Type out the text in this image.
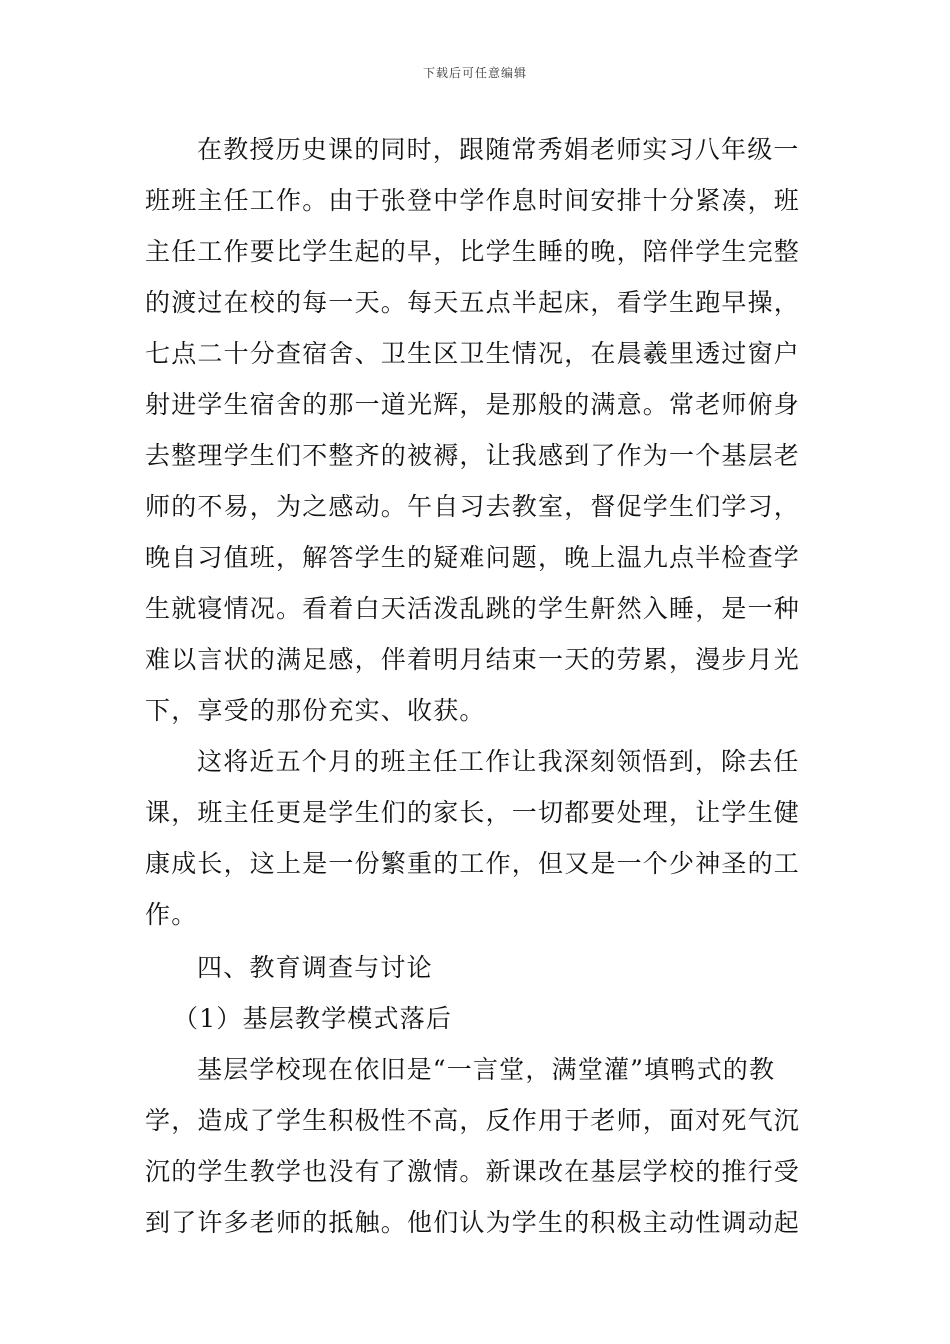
下载后可任意编辑
在教授历史课的同时，跟随常秀娟老师实习八年级一
班班主任工作。由于张登中学作息时间安排十分紧凑，班
主任工作要比学生起的早，比学生睡的晚，陪伴学生完整
的渡过在校的每一天。每天五点半起床，看学生跑早操，
七点二十分查宿舍、卫生区卫生情况，在晨羲里透过窗户
射进学生宿舍的那一道光辉，是那般的满意。常老师俯身
去整理学生们不整齐的被褥，让我感到了作为一个基层老
师的不易，为之感动。午自习去教室，督促学生们学习，
晚自习值班，解答学生的疑难问题，晚上温九点半检查学
生就寝情况。看着白天活泼乱跳的学生鼾然入睡，是一种
难以言状的满足感，伴着明月结束一天的劳累，漫步月光
下，享受的那份充实、收获。
这将近五个月的班主任工作让我深刻领悟到，除去任
课，班主任更是学生们的家长，一切都要处理，让学生健
康成长，这上是一份繁重的工作，但又是一个少神圣的工
作。
四、教育调查与讨论
（1）基层教学模式落后
基层学校现在依旧是“一言堂，满堂灌”填鸭式的教
学，造成了学生积极性不高，反作用于老师，面对死气沉
沉的学生教学也没有了激情。新课改在基层学校的推行受
到了许多老师的抵触。他们认为学生的积极主动性调动起
